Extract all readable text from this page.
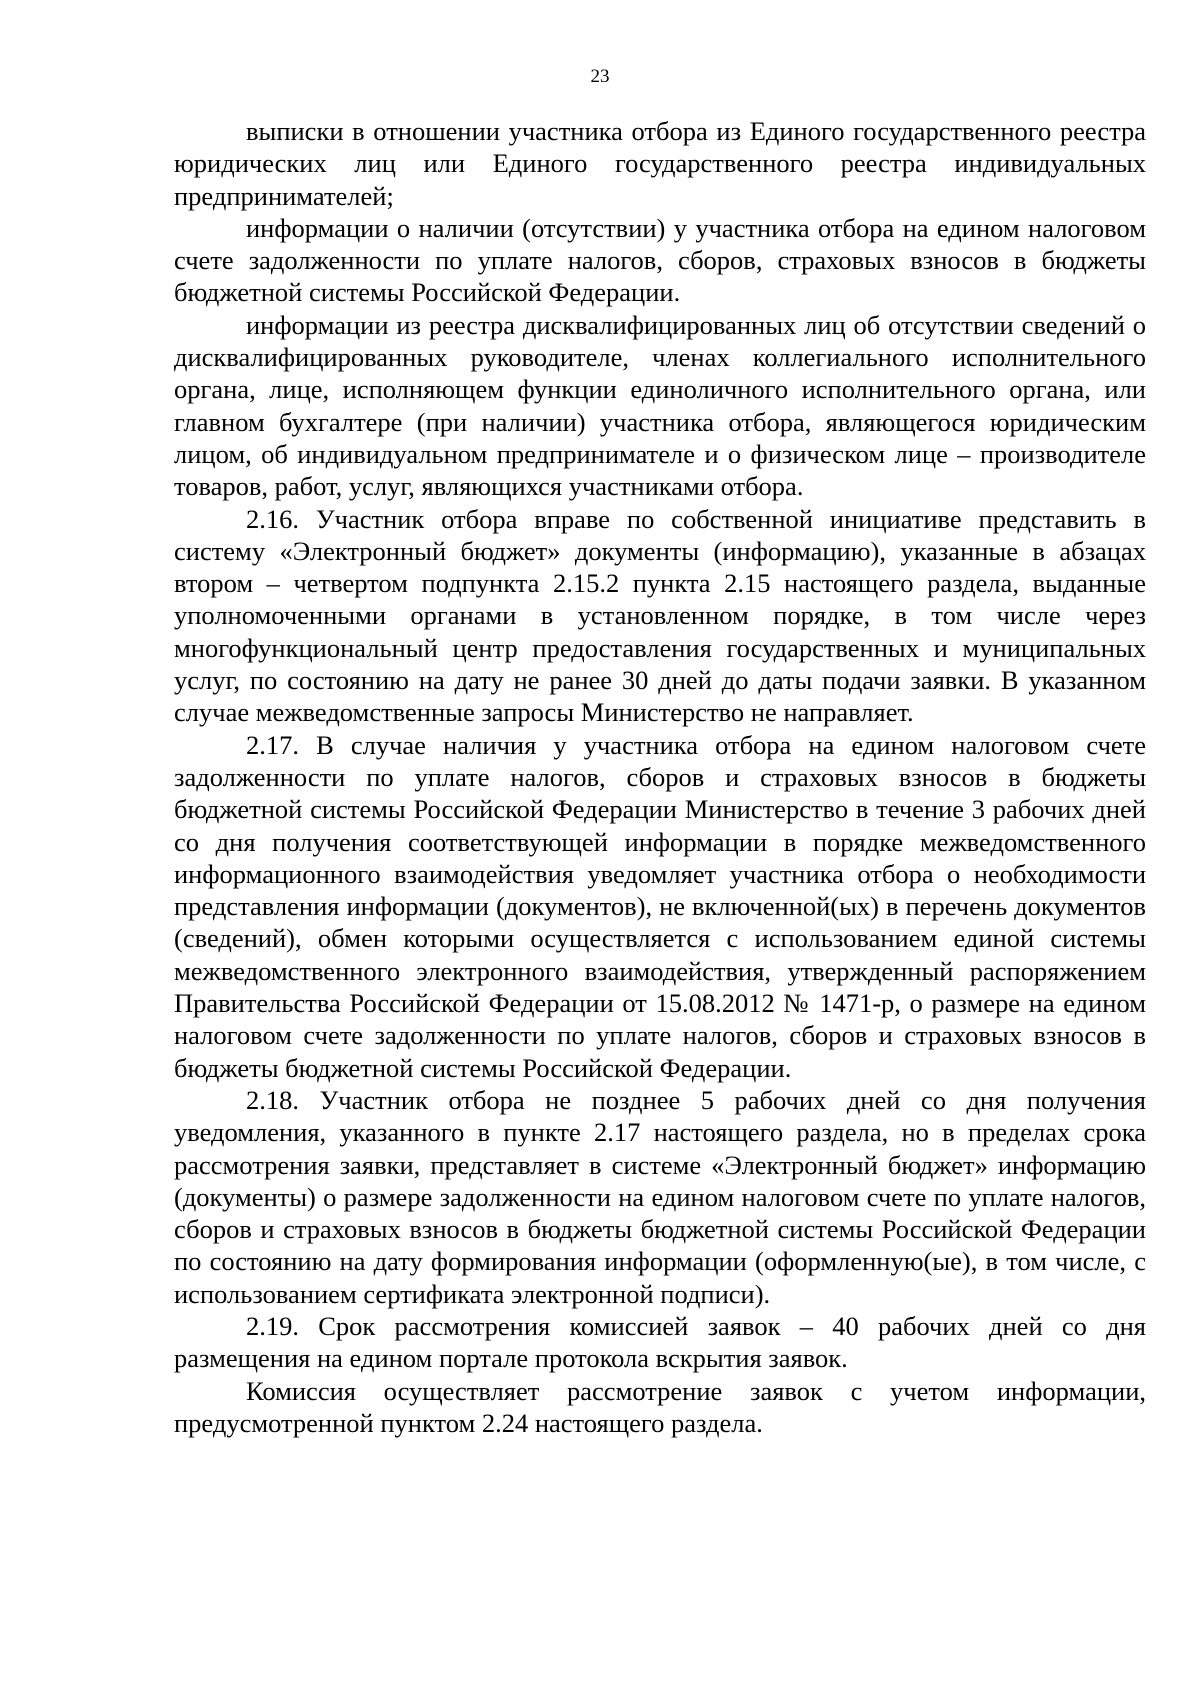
23

выписки в отношении участника отбора из Единого государственного реестра юридических лиц или Единого государственного реестра индивидуальных предпринимателей;

информации о наличии (отсутствии) у участника отбора на едином налоговом счете задолженности по уплате налогов, сборов, страховых взносов в бюджеты бюджетной системы Российской Федерации.

информации из реестра дисквалифицированных лиц об отсутствии сведений о дисквалифицированных руководителе, членах коллегиального исполнительного органа, лице, исполняющем функции единоличного исполнительного органа, или главном бухгалтере (при наличии) участника отбора, являющегося юридическим лицом, об индивидуальном предпринимателе и о физическом лице – производителе товаров, работ, услуг, являющихся участниками отбора.

2.16. Участник отбора вправе по собственной инициативе представить в систему «Электронный бюджет» документы (информацию), указанные в абзацах втором – четвертом подпункта 2.15.2 пункта 2.15 настоящего раздела, выданные уполномоченными органами в установленном порядке, в том числе через многофункциональный центр предоставления государственных и муниципальных услуг, по состоянию на дату не ранее 30 дней до даты подачи заявки. В указанном случае межведомственные запросы Министерство не направляет.

2.17. В случае наличия у участника отбора на едином налоговом счете задолженности по уплате налогов, сборов и страховых взносов в бюджеты бюджетной системы Российской Федерации Министерство в течение 3 рабочих дней со дня получения соответствующей информации в порядке межведомственного информационного взаимодействия уведомляет участника отбора о необходимости представления информации (документов), не включенной(ых) в перечень документов (сведений), обмен которыми осуществляется с использованием единой системы межведомственного электронного взаимодействия, утвержденный распоряжением Правительства Российской Федерации от 15.08.2012 № 1471-р, о размере на едином налоговом счете задолженности по уплате налогов, сборов и страховых взносов в бюджеты бюджетной системы Российской Федерации.

2.18. Участник отбора не позднее 5 рабочих дней со дня получения уведомления, указанного в пункте 2.17 настоящего раздела, но в пределах срока рассмотрения заявки, представляет в системе «Электронный бюджет» информацию (документы) о размере задолженности на едином налоговом счете по уплате налогов, сборов и страховых взносов в бюджеты бюджетной системы Российской Федерации по состоянию на дату формирования информации (оформленную(ые), в том числе, с использованием сертификата электронной подписи).

2.19. Срок рассмотрения комиссией заявок – 40 рабочих дней со дня размещения на едином портале протокола вскрытия заявок.

Комиссия осуществляет рассмотрение заявок с учетом информации, предусмотренной пунктом 2.24 настоящего раздела.
